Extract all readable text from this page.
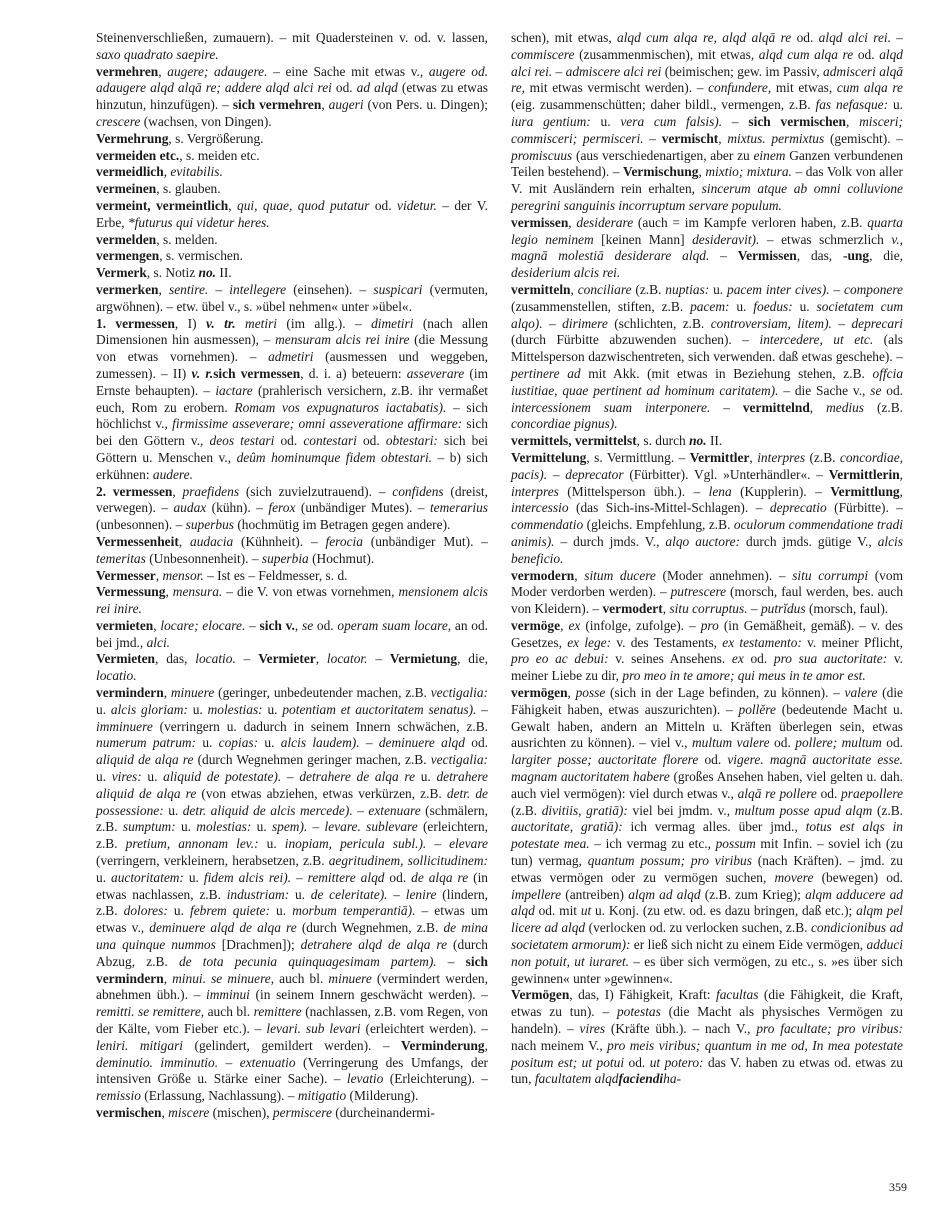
Steinenverschließen, zumauern). – mit Quadersteinen v. od. v. lassen, saxo quadrato saepire.

vermehren, augere; adaugere. – eine Sache mit etwas v., augere od. adaugere alqd alqā re; addere alqd alci rei od. ad alqd (etwas zu etwas hinzutun, hinzufügen). – sich vermehren, augeri (von Pers. u. Dingen); crescere (wachsen, von Dingen).

Vermehrung, s. Vergrößerung.

vermeiden etc., s. meiden etc.

vermeidlich, evitabilis.

vermeinen, s. glauben.

vermeint, vermeintlich, qui, quae, quod putatur od. videtur. – der V. Erbe, *futurus qui videtur heres.

vermelden, s. melden.

vermengen, s. vermischen.

Vermerk, s. Notiz no. II.

vermerken, sentire. – intellegere (einsehen). – suspicari (vermuten, argwöhnen). – etw. übel v., s. »übel nehmen« unter »übel«.

1. vermessen, I) v. tr. metiri (im allg.). – dimetiri (nach allen Dimensionen hin ausmessen), – mensuram alcis rei inire (die Messung von etwas vornehmen). – admetiri (ausmessen und weggeben, zumessen). – II) v. r.sich vermessen, d. i. a) beteuern: asseverare (im Ernste behaupten). – iactare (prahlerisch versichern, z.B. ihr vermaßet euch, Rom zu erobern. Romam vos expugnaturos iactabatis). – sich höchlichst v., firmissime asseverare; omni asseveratione affirmare: sich bei den Göttern v., deos testari od. contestari od. obtestari: sich bei Göttern u. Menschen v., deûm hominumque fidem obtestari. – b) sich erkühnen: audere.

2. vermessen, praefidens (sich zuvielzutrauend). – confidens (dreist, verwegen). – audax (kühn). – ferox (unbändiger Mutes). – temerarius (unbesonnen). – superbus (hochmütig im Betragen gegen andere).

Vermessenheit, audacia (Kühnheit). – ferocia (unbändiger Mut). – temeritas (Unbesonnenheit). – superbia (Hochmut).

Vermesser, mensor. – Ist es – Feldmesser, s. d.

Vermessung, mensura. – die V. von etwas vornehmen, mensionem alcis rei inire.

vermieten, locare; elocare. – sich v., se od. operam suam locare, an od. bei jmd., alci.

Vermieten, das, locatio. – Vermieter, locator. – Vermietung, die, locatio.

vermindern, minuere (geringer, unbedeutender machen, z.B. vectigalia: u. alcis gloriam: u. molestias: u. potentiam et auctoritatem senatus). – imminuere (verringern u. dadurch in seinem Innern schwächen, z.B. numerum patrum: u. copias: u. alcis laudem). – deminuere alqd od. aliquid de alqa re (durch Wegnehmen geringer machen, z.B. vectigalia: u. vires: u. aliquid de potestate). – detrahere de alqa re u. detrahere aliquid de alqa re (von etwas abziehen, etwas verkürzen, z.B. detr. de possessione: u. detr. aliquid de alcis mercede). – extenuare (schmälern, z.B. sumptum: u. molestias: u. spem). – levare. sublevare (erleichtern, z.B. pretium, annonam lev.: u. inopiam, pericula subl.). – elevare (verringern, verkleinern, herabsetzen, z.B. aegritudinem, sollicitudinem: u. auctoritatem: u. fidem alcis rei). – remittere alqd od. de alqa re (in etwas nachlassen, z.B. industriam: u. de celeritate). – lenire (lindern, z.B. dolores: u. febrem quiete: u. morbum temperantiā). – etwas um etwas v., deminuere alqd de alqa re (durch Wegnehmen, z.B. de mina una quinque nummos [Drachmen]); detrahere alqd de alqa re (durch Abzug, z.B. de tota pecunia quinquagesimam partem). – sich vermindern, minui. se minuere, auch bl. minuere (vermindert werden, abnehmen übh.). – imminui (in seinem Innern geschwächt werden). – remitti. se remittere, auch bl. remittere (nachlassen, z.B. vom Regen, von der Kälte, vom Fieber etc.). – levari. sub levari (erleichtert werden). – leniri. mitigari (gelindert, gemildert werden). – Verminderung, deminutio. imminutio. – extenuatio (Verringerung des Umfangs, der intensiven Größe u. Stärke einer Sache). – levatio (Erleichterung). – remissio (Erlassung, Nachlassung). – mitigatio (Milderung).

vermischen, miscere (mischen), permiscere (durcheinandermi-

schen), mit etwas, alqd cum alqa re, alqd alqā re od. alqd alci rei. – commiscere (zusammenmischen), mit etwas, alqd cum alqa re od. alqd alci rei. – admiscere alci rei (beimischen; gew. im Passiv, admisceri alqā re, mit etwas vermischt werden). – confundere, mit etwas, cum alqa re (eig. zusammenschütten; daher bildl., vermengen, z.B. fas nefasque: u. iura gentium: u. vera cum falsis). – sich vermischen, misceri; commisceri; permisceri. – vermischt, mixtus. permixtus (gemischt). – promiscuus (aus verschiedenartigen, aber zu einem Ganzen verbundenen Teilen bestehend). – Vermischung, mixtio; mixtura. – das Volk von aller V. mit Ausländern rein erhalten, sincerum atque ab omni colluvione peregrini sanguinis incorruptum servare populum.

vermissen, desiderare (auch = im Kampfe verloren haben, z.B. quarta legio neminem [keinen Mann] desideravit). – etwas schmerzlich v., magnā molestiā desiderare alqd. – Vermissen, das, -ung, die, desiderium alcis rei.

vermitteln, conciliare (z.B. nuptias: u. pacem inter cives). – componere (zusammenstellen, stiften, z.B. pacem: u. foedus: u. societatem cum alqo). – dirimere (schlichten, z.B. controversiam, litem). – deprecari (durch Fürbitte abzuwenden suchen). – intercedere, ut etc. (als Mittelsperson dazwischentreten, sich verwenden. daß etwas geschehe). – pertinere ad mit Akk. (mit etwas in Beziehung stehen, z.B. offcia iustitiae, quae pertinent ad hominum caritatem). – die Sache v., se od. intercessionem suam interponere. – vermittelnd, medius (z.B. concordiae pignus).

vermittels, vermittelst, s. durch no. II.

Vermittelung, s. Vermittlung. – Vermittler, interpres (z.B. concordiae, pacis). – deprecator (Fürbitter). Vgl. »Unterhändler«. – Vermittlerin, interpres (Mittelsperson übh.). – lena (Kupplerin). – Vermittlung, intercessio (das Sich-ins-Mittel-Schlagen). – deprecatio (Fürbitte). – commendatio (gleichs. Empfehlung, z.B. oculorum commendatione tradi animis). – durch jmds. V., alqo auctore: durch jmds. gütige V., alcis beneficio.

vermodern, situm ducere (Moder annehmen). – situ corrumpi (vom Moder verdorben werden). – putrescere (morsch, faul werden, bes. auch von Kleidern). – vermodert, situ corruptus. – putrĭdus (morsch, faul).

vermöge, ex (infolge, zufolge). – pro (in Gemäßheit, gemäß). – v. des Gesetzes, ex lege: v. des Testaments, ex testamento: v. meiner Pflicht, pro eo ac debui: v. seines Ansehens. ex od. pro sua auctoritate: v. meiner Liebe zu dir, pro meo in te amore; qui meus in te amor est.

vermögen, posse (sich in der Lage befinden, zu können). – valere (die Fähigkeit haben, etwas auszurichten). – pollĕre (bedeutende Macht u. Gewalt haben, andern an Mitteln u. Kräften überlegen sein, etwas ausrichten zu können). – viel v., multum valere od. pollere; multum od. largiter posse; auctoritate florere od. vigere. magnā auctoritate esse. magnam auctoritatem habere (großes Ansehen haben, viel gelten u. dah. auch viel vermögen): viel durch etwas v., alqā re pollere od. praepollere (z.B. divitiis, gratiā): viel bei jmdm. v., multum posse apud alqm (z.B. auctoritate, gratiā): ich vermag alles. über jmd., totus est alqs in potestate mea. – ich vermag zu etc., possum mit Infin. – soviel ich (zu tun) vermag, quantum possum; pro viribus (nach Kräften). – jmd. zu etwas vermögen oder zu vermögen suchen, movere (bewegen) od. impellere (antreiben) alqm ad alqd (z.B. zum Krieg); alqm adducere ad alqd od. mit ut u. Konj. (zu etw. od. es dazu bringen, daß etc.); alqm pel licere ad alqd (verlocken od. zu verlocken suchen, z.B. condicionibus ad societatem armorum): er ließ sich nicht zu einem Eide vermögen, adduci non potuit, ut iuraret. – es über sich vermögen, zu etc., s. »es über sich gewinnen« unter »gewinnen«.

Vermögen, das, I) Fähigkeit, Kraft: facultas (die Fähigkeit, die Kraft, etwas zu tun). – potestas (die Macht als physisches Vermögen zu handeln). – vires (Kräfte übh.). – nach V., pro facultate; pro viribus: nach meinem V., pro meis viribus; quantum in me od, In mea potestate positum est; ut potui od. ut potero: das V. haben zu etwas od. etwas zu tun, facultatem alqdfaciendiha-

359
